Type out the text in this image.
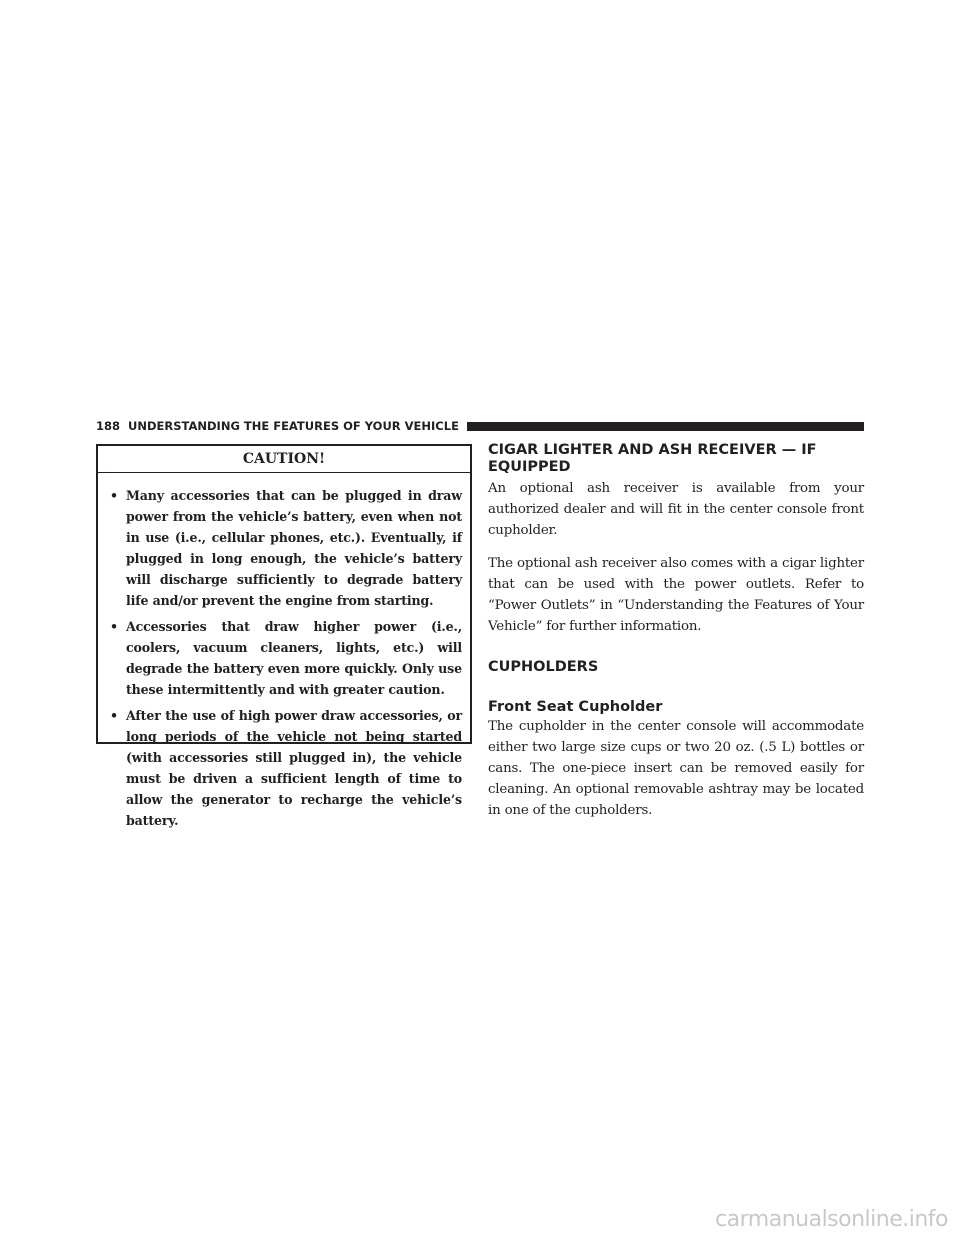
188 UNDERSTANDING THE FEATURES OF YOUR VEHICLE
CAUTION!
• Many accessories that can be plugged in draw power from the vehicle’s battery, even when not in use (i.e., cellular phones, etc.). Eventually, if plugged in long enough, the vehicle’s battery will discharge sufficiently to degrade battery life and/or prevent the engine from starting.
• Accessories that draw higher power (i.e., coolers, vacuum cleaners, lights, etc.) will degrade the battery even more quickly. Only use these intermittently and with greater caution.
• After the use of high power draw accessories, or long periods of the vehicle not being started (with accessories still plugged in), the vehicle must be driven a sufficient length of time to allow the generator to recharge the vehicle’s battery.
CIGAR LIGHTER AND ASH RECEIVER — IF EQUIPPED

An optional ash receiver is available from your authorized dealer and will fit in the center console front cupholder.

The optional ash receiver also comes with a cigar lighter that can be used with the power outlets. Refer to “Power Outlets” in “Understanding the Features of Your Vehicle” for further information.

CUPHOLDERS
Front Seat Cupholder

The cupholder in the center console will accommodate either two large size cups or two 20 oz. (.5 L) bottles or cans. The one-piece insert can be removed easily for cleaning. An optional removable ashtray may be located in one of the cupholders.

carmanualsonline.info
